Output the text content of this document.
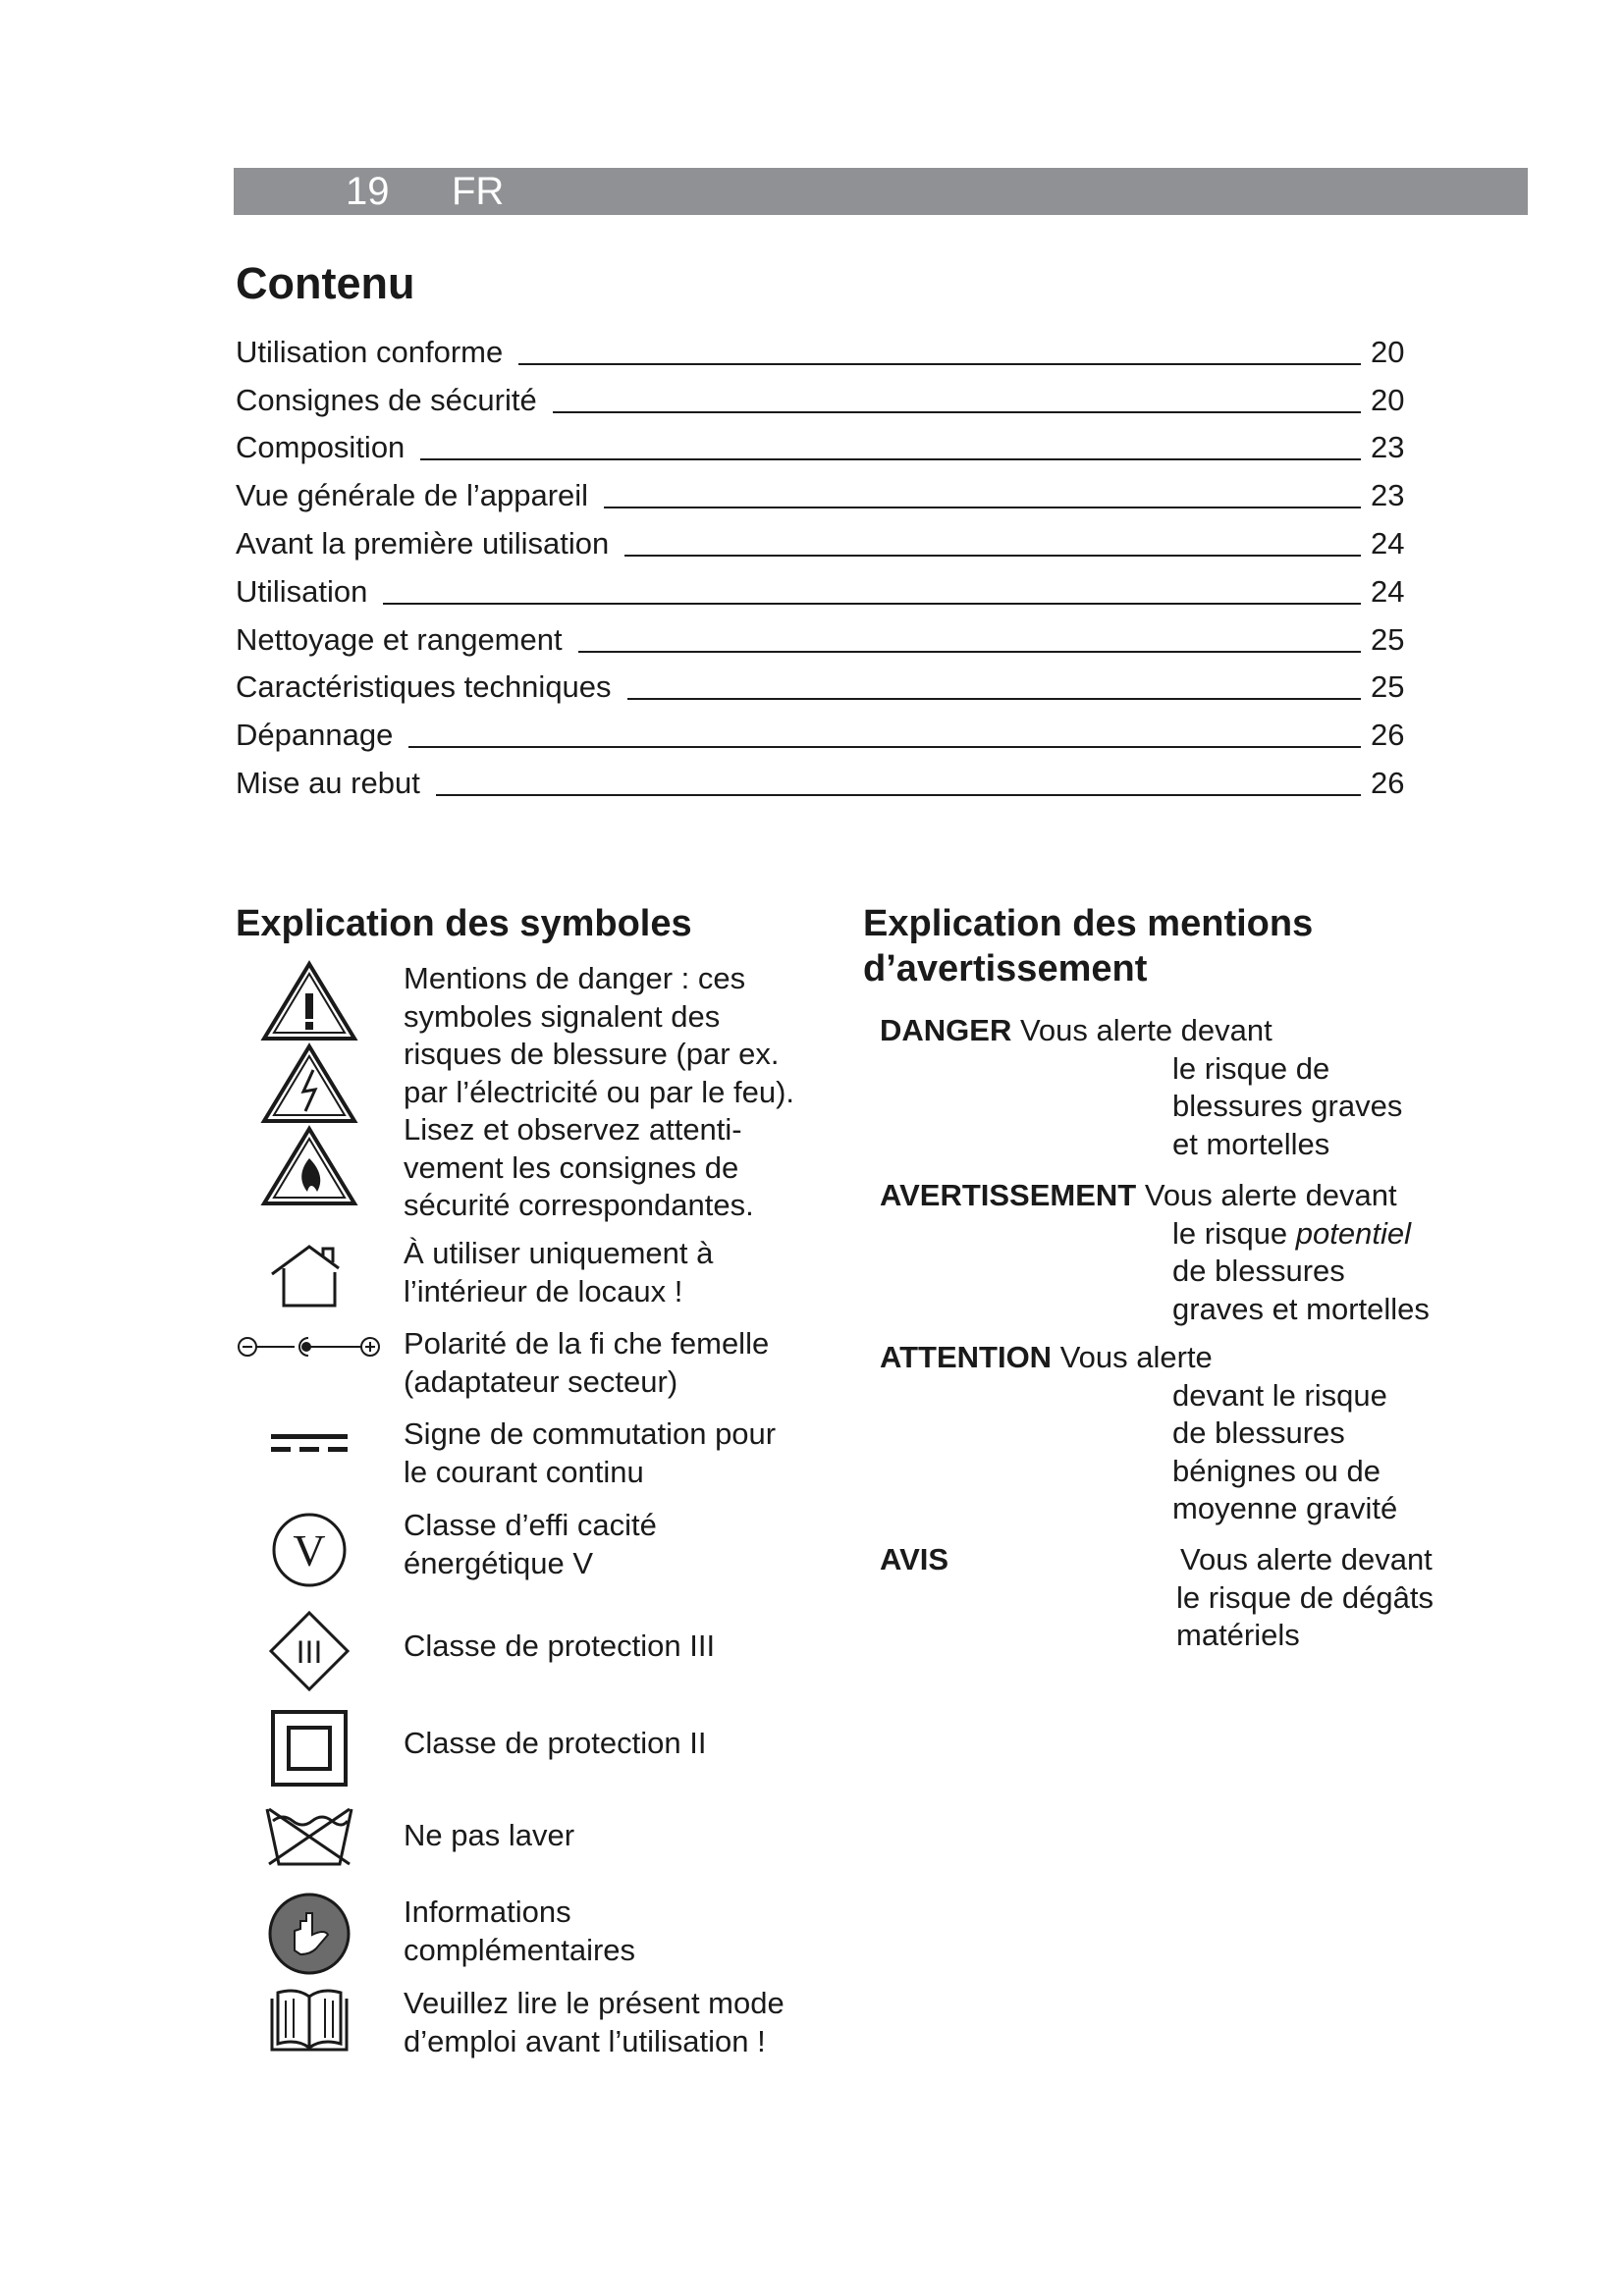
19 FR
Contenu
Utilisation conforme	20
Consignes de sécurité	20
Composition	23
Vue générale de l’appareil	23
Avant la première utilisation	24
Utilisation	24
Nettoyage et rangement	25
Caractéristiques techniques	25
Dépannage	26
Mise au rebut	26
Explication des symboles
Mentions de danger : ces
symboles signalent des
risques de blessure (par ex.
par l’électricité ou par le feu).
Lisez et observez attenti-
vement les consignes de
sécurité correspondantes.
À utiliser uniquement à
l’intérieur de locaux !
Polarité de la fi che femelle
(adaptateur secteur)
Signe de commutation pour
le courant continu
V
Classe d’effi cacité
énergétique V
III	Classe de protection III
Classe de protection II
Ne pas laver
Informations
complémentaires
Veuillez lire le présent mode
d’emploi avant l’utilisation !
Explication des mentions
d’avertissement
DANGER Vous alerte devant
le risque de
blessures graves
et mortelles
AVERTISSEMENT Vous alerte devant
le risque potentiel
de blessures
graves et mortelles
ATTENTION Vous alerte
devant le risque
de blessures
bénignes ou de
moyenne gravité
AVIS	Vous alerte devant
le risque de dégâts
matériels
